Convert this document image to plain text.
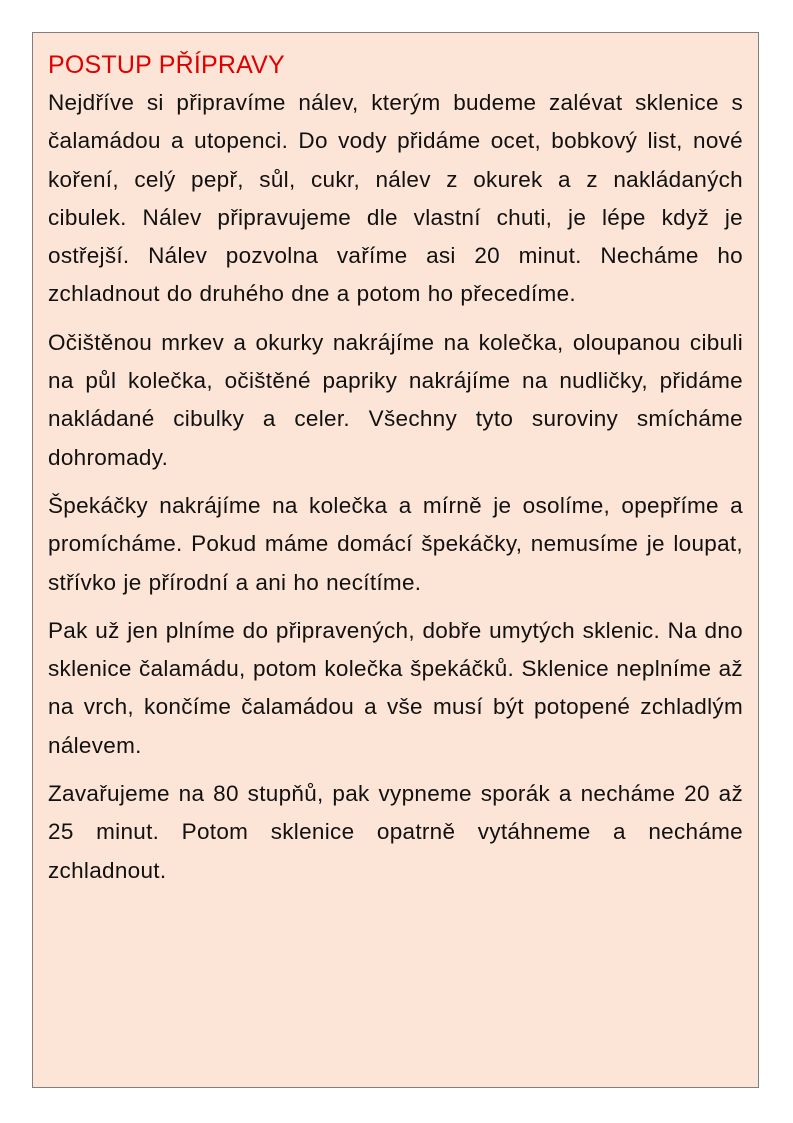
POSTUP PŘÍPRAVY

Nejdříve si připravíme nálev, kterým budeme zalévat sklenice s čalamádou a utopenci. Do vody přidáme ocet, bobkový list, nové koření, celý pepř, sůl, cukr, nálev z okurek a z nakládaných cibulek. Nálev připravujeme dle vlastní chuti, je lépe když je ostřejší. Nálev pozvolna vaříme asi 20 minut. Necháme ho zchladnout do druhého dne a potom ho přecedíme.

Očištěnou mrkev a okurky nakrájíme na kolečka, oloupanou cibuli na půl kolečka, očištěné papriky nakrájíme na nudličky, přidáme nakládané cibulky a celer. Všechny tyto suroviny smícháme dohromady.

Špekáčky nakrájíme na kolečka a mírně je osolíme, opepříme a promícháme. Pokud máme domácí špekáčky, nemusíme je loupat, střívko je přírodní a ani ho necítíme.

Pak už jen plníme do připravených, dobře umytých sklenic. Na dno sklenice čalamádu, potom kolečka špekáčků. Sklenice neplníme až na vrch, končíme čalamádou a vše musí být potopené zchladlým nálevem.

Zavařujeme na 80 stupňů, pak vypneme sporák a necháme 20 až 25 minut. Potom sklenice opatrně vytáhneme a necháme zchladnout.
